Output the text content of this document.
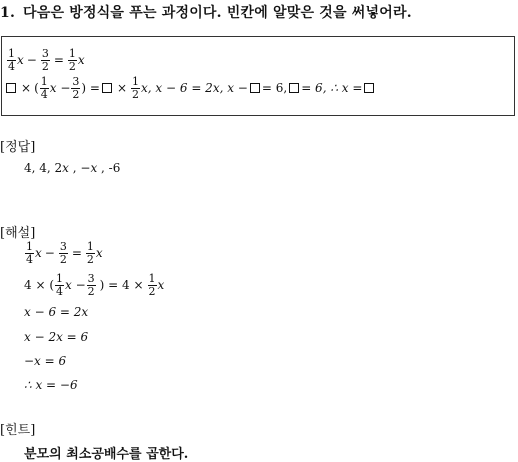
1. 다음은 방정식을 푸는 과정이다. 빈칸에 알맞은 것을 써넣어라.
$\frac{1}{4}$ $x - \frac{3}{2} = \frac{1}{2}$ x
× ( $\frac{1}{4}$ $x - \frac{3}{2}$ ) = × $\frac{1}{2} x$, x − 6 = 2x, x − = 6, = 6, ∴ x =
[정답]
4, 4, 2x , −x , -6
[해설]
$\frac{1}{4}$ $x - \frac{3}{2} = \frac{1}{2}$ x
4 × ( $\frac{1}{4}$ $x - \frac{3}{2}$ ) = $4 \times \frac{1}{2}$ x
x − 6 = 2x
x − 2x = 6
−x = 6
∴ x = −6
[힌트]
분모의 최소공배수를 곱한다.
